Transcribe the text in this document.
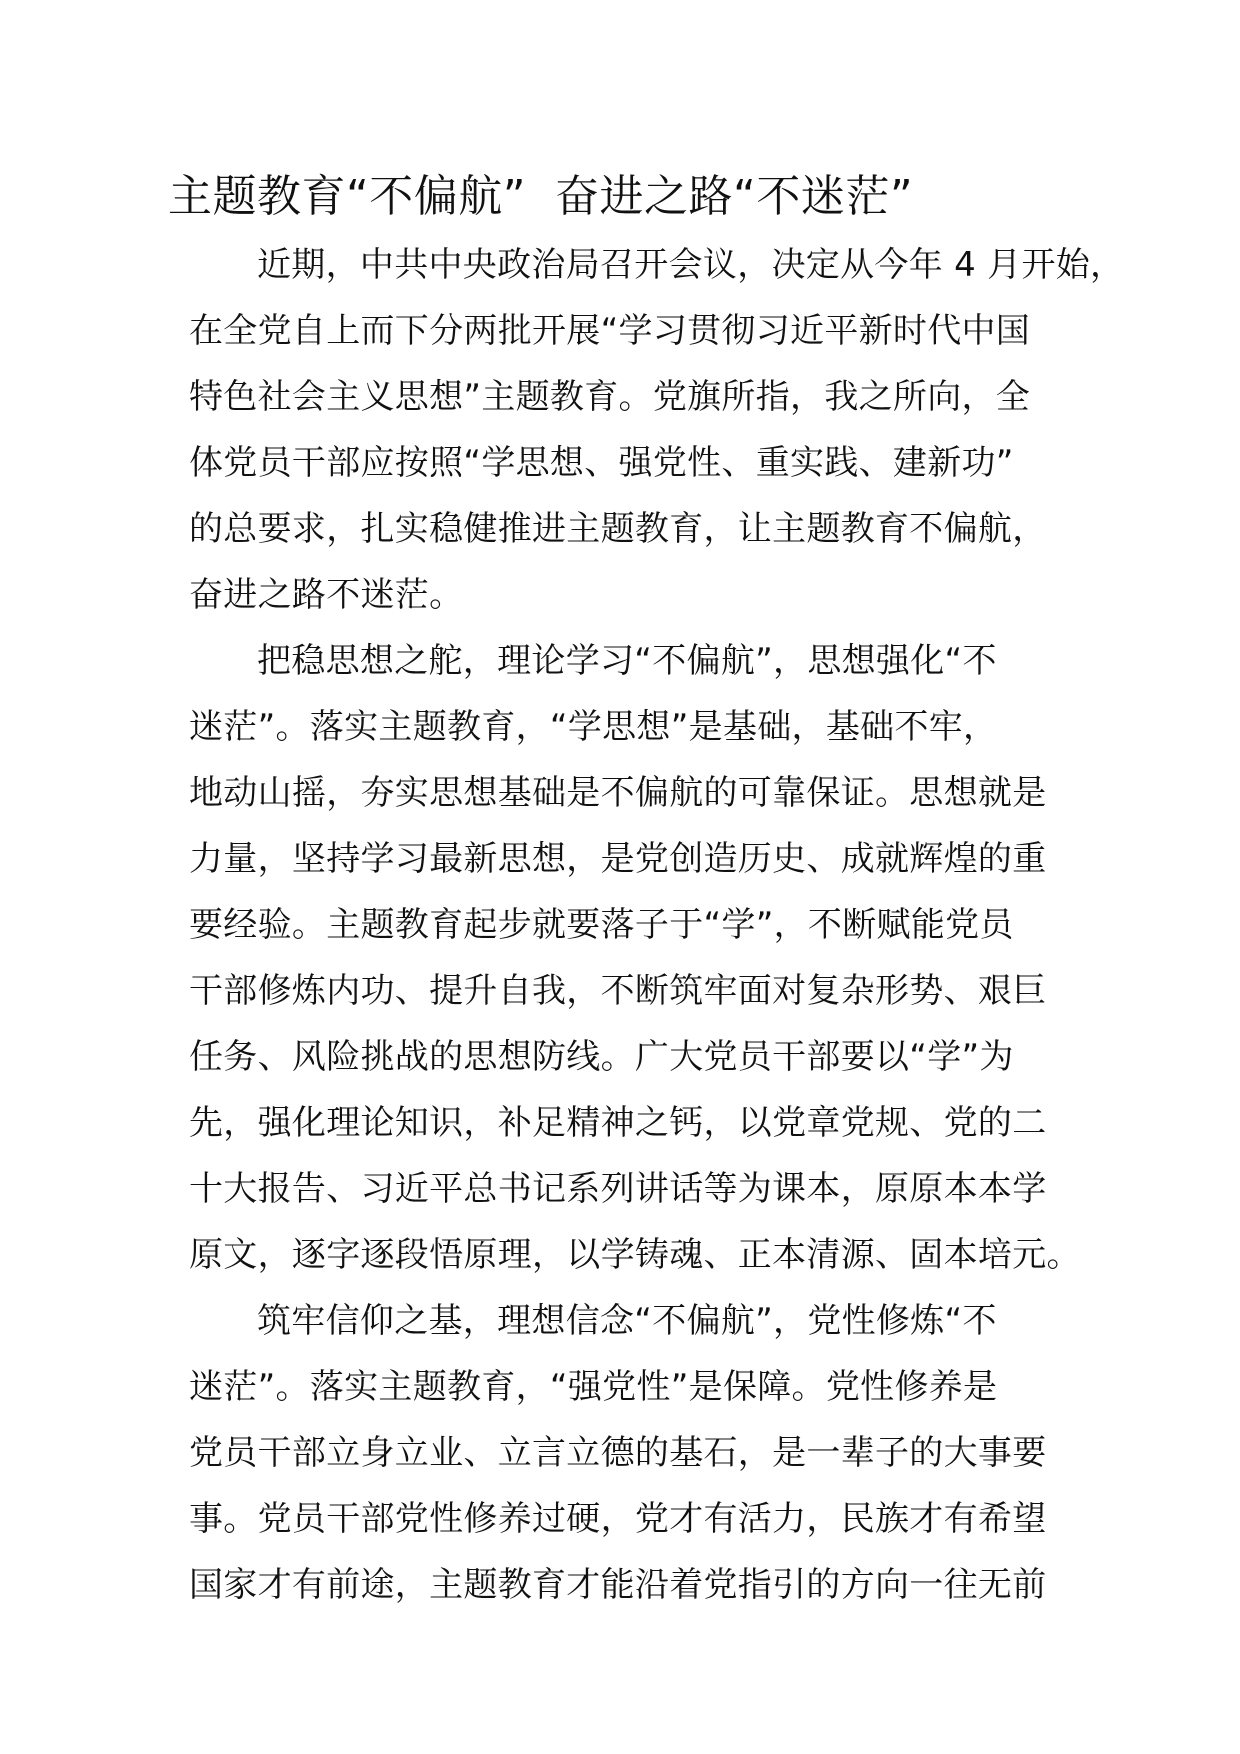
主题教育“不偏航”  奋进之路“不迷茫”
近期，中共中央政治局召开会议，决定从今年 4 月开始，
在全党自上而下分两批开展“学习贯彻习近平新时代中国
特色社会主义思想”主题教育。党旗所指，我之所向，全
体党员干部应按照“学思想、强党性、重实践、建新功”
的总要求，扎实稳健推进主题教育，让主题教育不偏航，
奋进之路不迷茫。
把稳思想之舵，理论学习“不偏航”，思想强化“不
迷茫”。落实主题教育，“学思想”是基础，基础不牢，
地动山摇，夯实思想基础是不偏航的可靠保证。思想就是
力量，坚持学习最新思想，是党创造历史、成就辉煌的重
要经验。主题教育起步就要落子于“学”，不断赋能党员
干部修炼内功、提升自我，不断筑牢面对复杂形势、艰巨
任务、风险挑战的思想防线。广大党员干部要以“学”为
先，强化理论知识，补足精神之钙，以党章党规、党的二
十大报告、习近平总书记系列讲话等为课本，原原本本学
原文，逐字逐段悟原理，以学铸魂、正本清源、固本培元。
筑牢信仰之基，理想信念“不偏航”，党性修炼“不
迷茫”。落实主题教育，“强党性”是保障。党性修养是
党员干部立身立业、立言立德的基石，是一辈子的大事要
事。党员干部党性修养过硬，党才有活力，民族才有希望
国家才有前途，主题教育才能沿着党指引的方向一往无前
